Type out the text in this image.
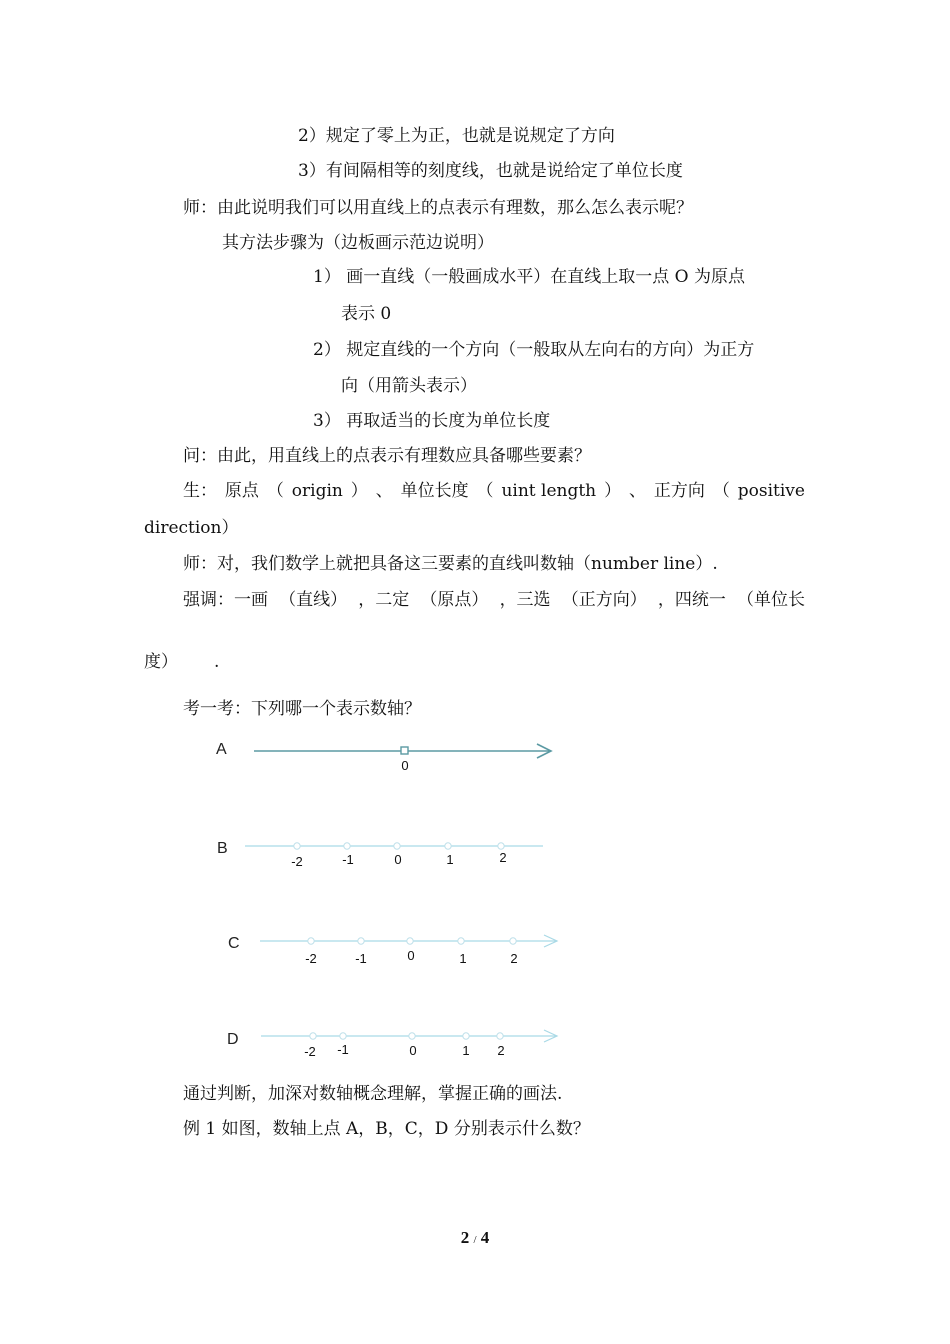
2）规定了零上为正，也就是说规定了方向
3）有间隔相等的刻度线，也就是说给定了单位长度
师：由此说明我们可以用直线上的点表示有理数，那么怎么表示呢？
其方法步骤为（边板画示范边说明）
1） 画一直线（一般画成水平）在直线上取一点 O 为原点
表示 0
2） 规定直线的一个方向（一般取从左向右的方向）为正方
向（用箭头表示）
3） 再取适当的长度为单位长度
问：由此，用直线上的点表示有理数应具备哪些要素？
生： 原点 （ origin ） 、 单位长度 （ uint length ） 、 正方向 （ positive
direction）
师：对，我们数学上就把具备这三要素的直线叫数轴（number line）.
强调：一画 （直线） ，二定 （原点） ，三选 （正方向） ，四统一 （单位长
度） .
考一考：下列哪一个表示数轴？
A
0
B
-2	-1	0	1	2
C
-2	-1	0	1	2
D
-2 -1	0	1 2
通过判断，加深对数轴概念理解，掌握正确的画法.
例 1 如图，数轴上点 A，B，C，D 分别表示什么数？
2 / 4
